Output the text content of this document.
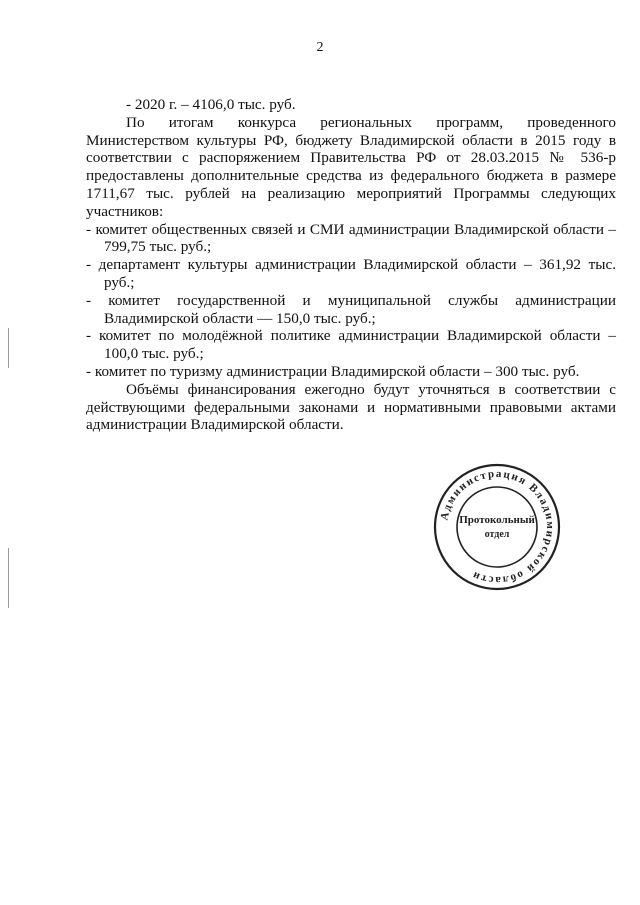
2

- 2020 г. – 4106,0 тыс. руб.

По итогам конкурса региональных программ, проведенного Министерством культуры РФ, бюджету Владимирской области в 2015 году в соответствии с распоряжением Правительства РФ от 28.03.2015 № 536-р предоставлены дополнительные средства из федерального бюджета в размере 1711,67 тыс. рублей на реализацию мероприятий Программы следующих участников:

- комитет общественных связей и СМИ администрации Владимирской области – 799,75 тыс. руб.;
- департамент культуры администрации Владимирской области – 361,92 тыс. руб.;
- комитет государственной и муниципальной службы администрации Владимирской области — 150,0 тыс. руб.;
- комитет по молодёжной политике администрации Владимирской области – 100,0 тыс. руб.;
- комитет по туризму администрации Владимирской области – 300 тыс. руб.

Объёмы финансирования ежегодно будут уточняться в соответствии с действующими федеральными законами и нормативными правовыми актами администрации Владимирской области.

Администрация Владимирской области
Протокольный отдел
